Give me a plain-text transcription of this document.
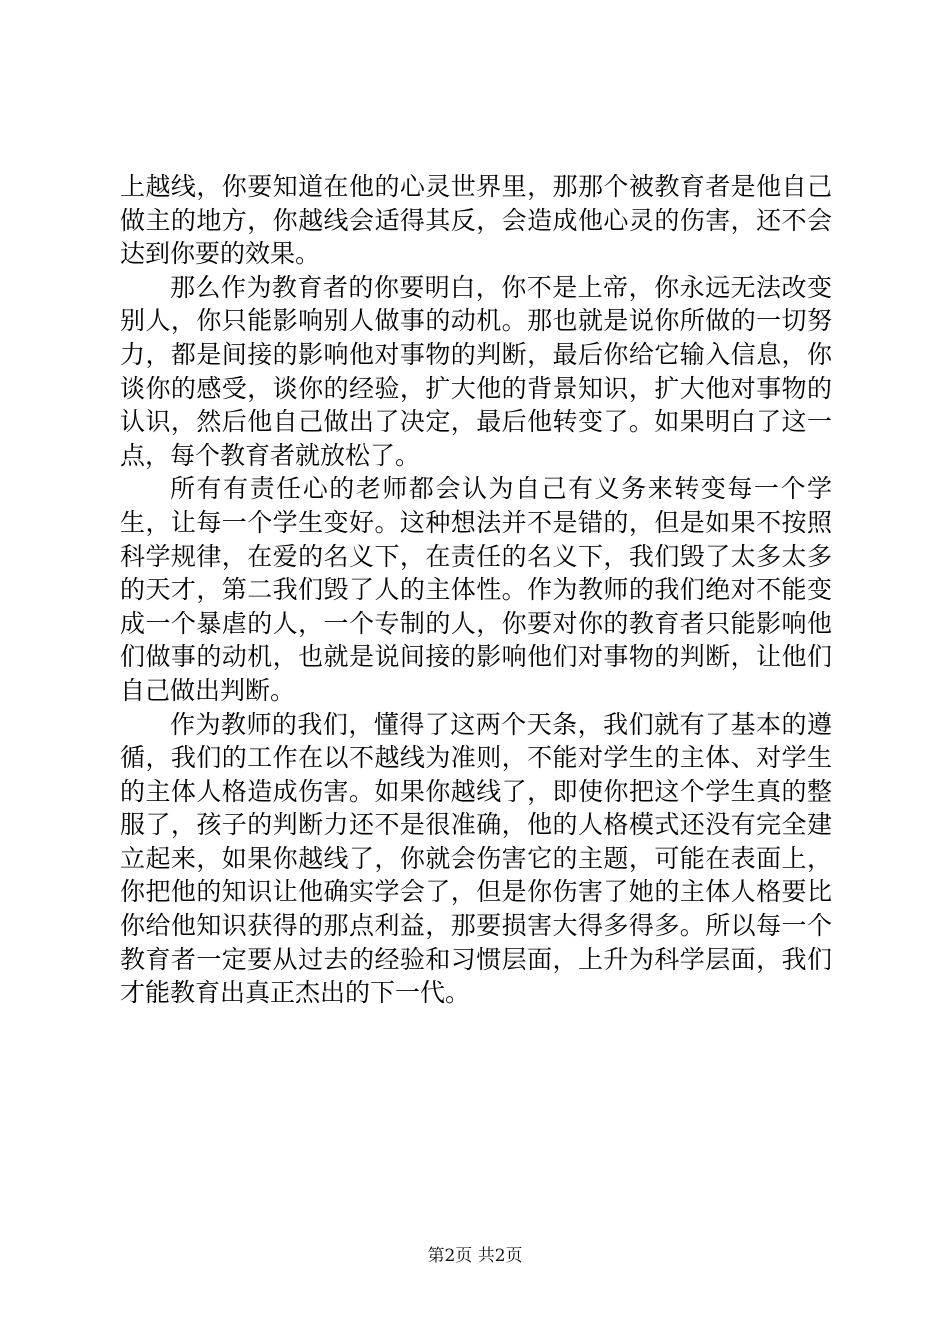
上越线，你要知道在他的心灵世界里，那那个被教育者是他自己做主的地方，你越线会适得其反，会造成他心灵的伤害，还不会达到你要的效果。

那么作为教育者的你要明白，你不是上帝，你永远无法改变别人，你只能影响别人做事的动机。那也就是说你所做的一切努力，都是间接的影响他对事物的判断，最后你给它输入信息，你谈你的感受，谈你的经验，扩大他的背景知识，扩大他对事物的认识，然后他自己做出了决定，最后他转变了。如果明白了这一点，每个教育者就放松了。

所有有责任心的老师都会认为自己有义务来转变每一个学生，让每一个学生变好。这种想法并不是错的，但是如果不按照科学规律，在爱的名义下，在责任的名义下，我们毁了太多太多的天才，第二我们毁了人的主体性。作为教师的我们绝对不能变成一个暴虐的人，一个专制的人，你要对你的教育者只能影响他们做事的动机，也就是说间接的影响他们对事物的判断，让他们自己做出判断。

作为教师的我们，懂得了这两个天条，我们就有了基本的遵循，我们的工作在以不越线为准则，不能对学生的主体、对学生的主体人格造成伤害。如果你越线了，即使你把这个学生真的整服了，孩子的判断力还不是很准确，他的人格模式还没有完全建立起来，如果你越线了，你就会伤害它的主题，可能在表面上，你把他的知识让他确实学会了，但是你伤害了她的主体人格要比你给他知识获得的那点利益，那要损害大得多得多。所以每一个教育者一定要从过去的经验和习惯层面，上升为科学层面，我们才能教育出真正杰出的下一代。

第2页 共2页
